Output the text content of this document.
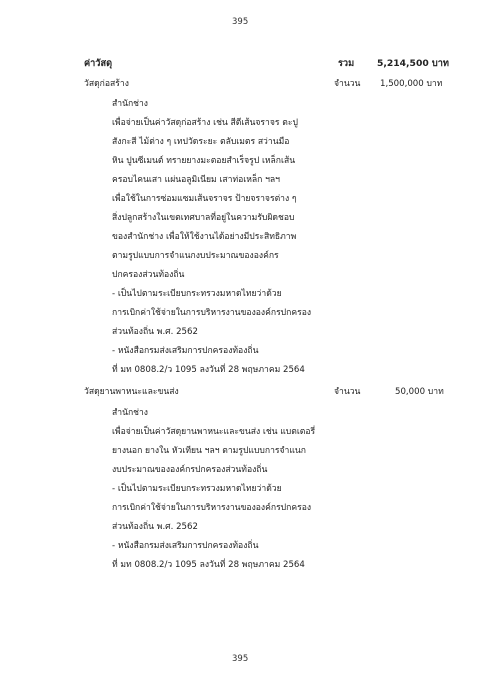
395
ค่าวัสดุ	รวม 5,214,500 บาท
วัสดุก่อสร้าง	จำนวน 1,500,000 บาท
สำนักช่าง
เพื่อจ่ายเป็นค่าวัสดุก่อสร้าง เช่น สีตีเส้นจราจร ตะปู
สังกะสี ไม้ต่าง ๆ เทปวัดระยะ ตลับเมตร สว่านมือ
หิน ปูนซีเมนต์ ทรายยางมะตอยสำเร็จรูป เหล็กเส้น
ครอบไคนเสา แผ่นอลูมิเนียม เสาท่อเหล็ก ฯลฯ
เพื่อใช้ในการซ่อมแซมเส้นจราจร ป้ายจราจรต่าง ๆ
สิ่งปลูกสร้างในเขตเทศบาลที่อยู่ในความรับผิดชอบ
ของสำนักช่าง เพื่อให้ใช้งานได้อย่างมีประสิทธิภาพ
ตามรูปแบบการจำแนกงบประมาณขององค์กร
ปกครองส่วนท้องถิ่น
- เป็นไปตามระเบียบกระทรวงมหาดไทยว่าด้วย
การเบิกค่าใช้จ่ายในการบริหารงานขององค์กรปกครอง
ส่วนท้องถิ่น พ.ศ. 2562
- หนังสือกรมส่งเสริมการปกครองท้องถิ่น
ที่ มท 0808.2/ว 1095 ลงวันที่ 28 พฤษภาคม 2564
วัสดุยานพาหนะและขนส่ง	จำนวน	50,000 บาท
สำนักช่าง
เพื่อจ่ายเป็นค่าวัสดุยานพาหนะและขนส่ง เช่น แบตเตอรี่
ยางนอก ยางใน หัวเทียน ฯลฯ ตามรูปแบบการจำแนก
งบประมาณขององค์กรปกครองส่วนท้องถิ่น
- เป็นไปตามระเบียบกระทรวงมหาดไทยว่าด้วย
การเบิกค่าใช้จ่ายในการบริหารงานขององค์กรปกครอง
ส่วนท้องถิ่น พ.ศ. 2562
- หนังสือกรมส่งเสริมการปกครองท้องถิ่น
ที่ มท 0808.2/ว 1095 ลงวันที่ 28 พฤษภาคม 2564
395
